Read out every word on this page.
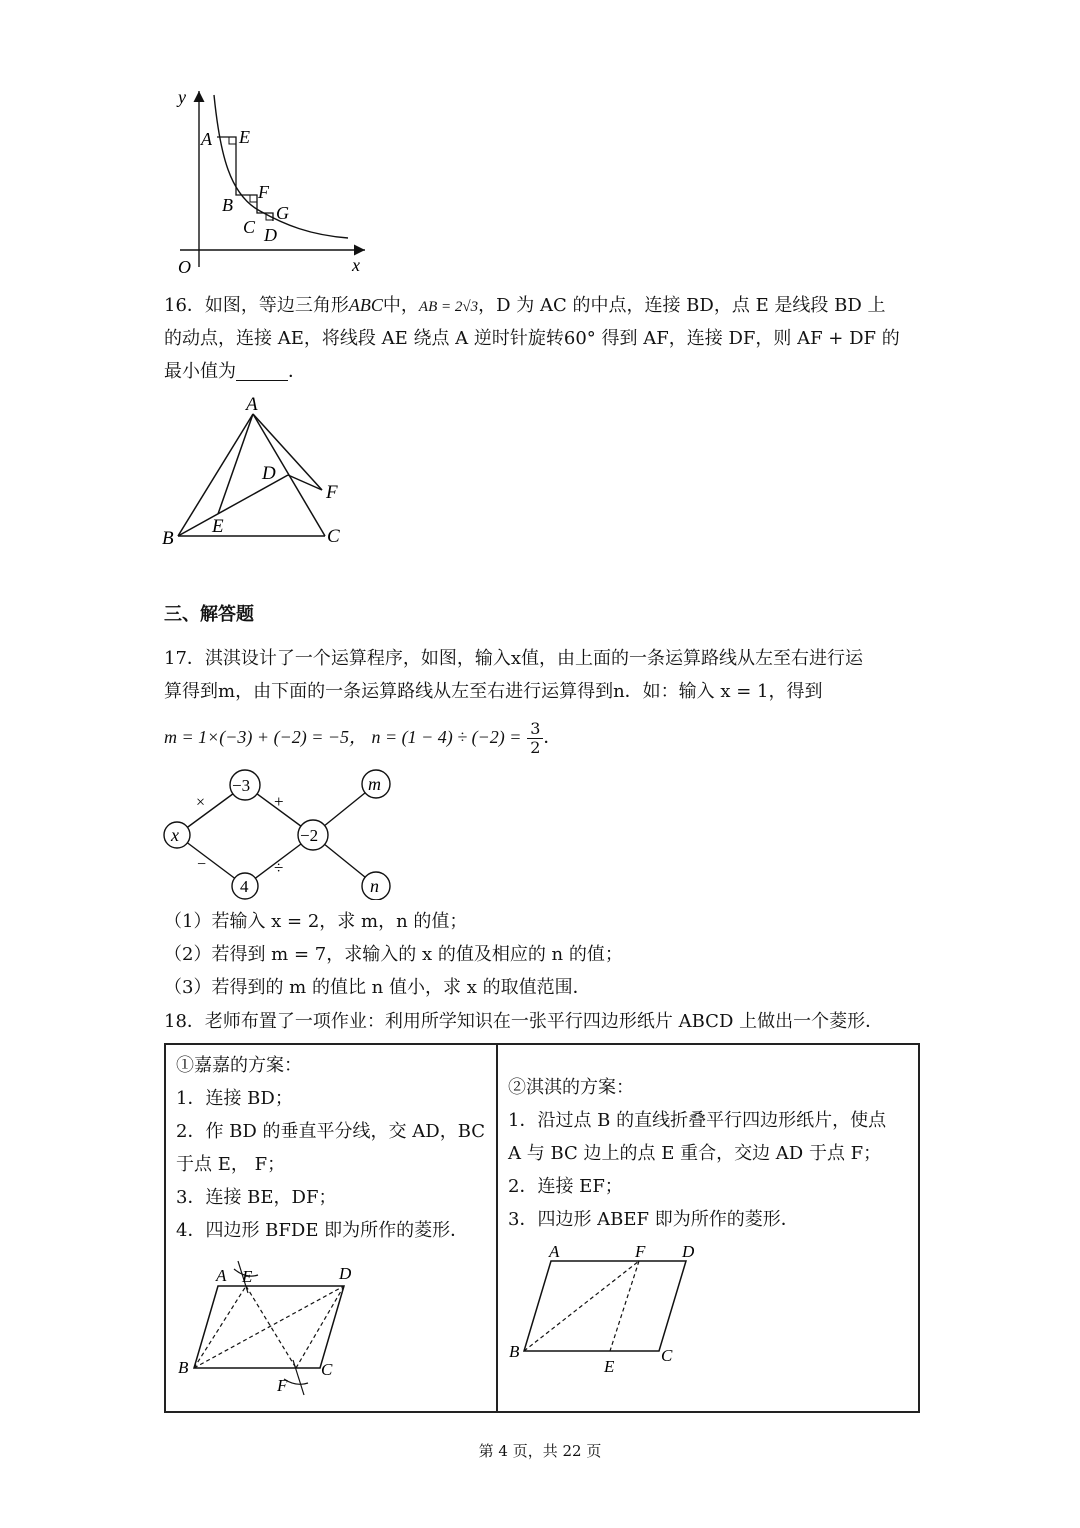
y
x
O
A E
B
F
C
G
D
16．如图，等边三角形ABC中，AB = 2√3，D 为 AC 的中点，连接 BD，点 E 是线段 BD 上
的动点，连接 AE，将线段 AE 绕点 A 逆时针旋转60° 得到 AF，连接 DF，则 AF + DF 的
最小值为	．
A
D
F
B
E	C
三、解答题
17．淇淇设计了一个运算程序，如图，输入x值，由上面的一条运算路线从左至右进行运
算得到m，由下面的一条运算路线从左至右进行运算得到n．如：输入 x = 1，得到
m = 1×(−3) + (−2) = −5， $n = (1 - 4) \div (-2) = \frac{3}{2}$ ．
x
−3
−2
4
m
n
×	+
−	÷
（1）若输入 x = 2，求 m，n 的值；
（2）若得到 m = 7，求输入的 x 的值及相应的 n 的值；
（3）若得到的 m 的值比 n 值小，求 x 的取值范围．
18．老师布置了一项作业：利用所学知识在一张平行四边形纸片 ABCD 上做出一个菱形．
①嘉嘉的方案：
1．连接 BD；
2．作 BD 的垂直平分线，交 AD，BC
于点 E， F；
3．连接 BE，DF；
4．四边形 BFDE 即为所作的菱形．
A E	D
B	C
F
②淇淇的方案：
1．沿过点 B 的直线折叠平行四边形纸片，使点
A 与 BC 边上的点 E 重合，交边 AD 于点 F；
2．连接 EF；
3．四边形 ABEF 即为所作的菱形．
A	F D
B
E
C
第 4 页，共 22 页
